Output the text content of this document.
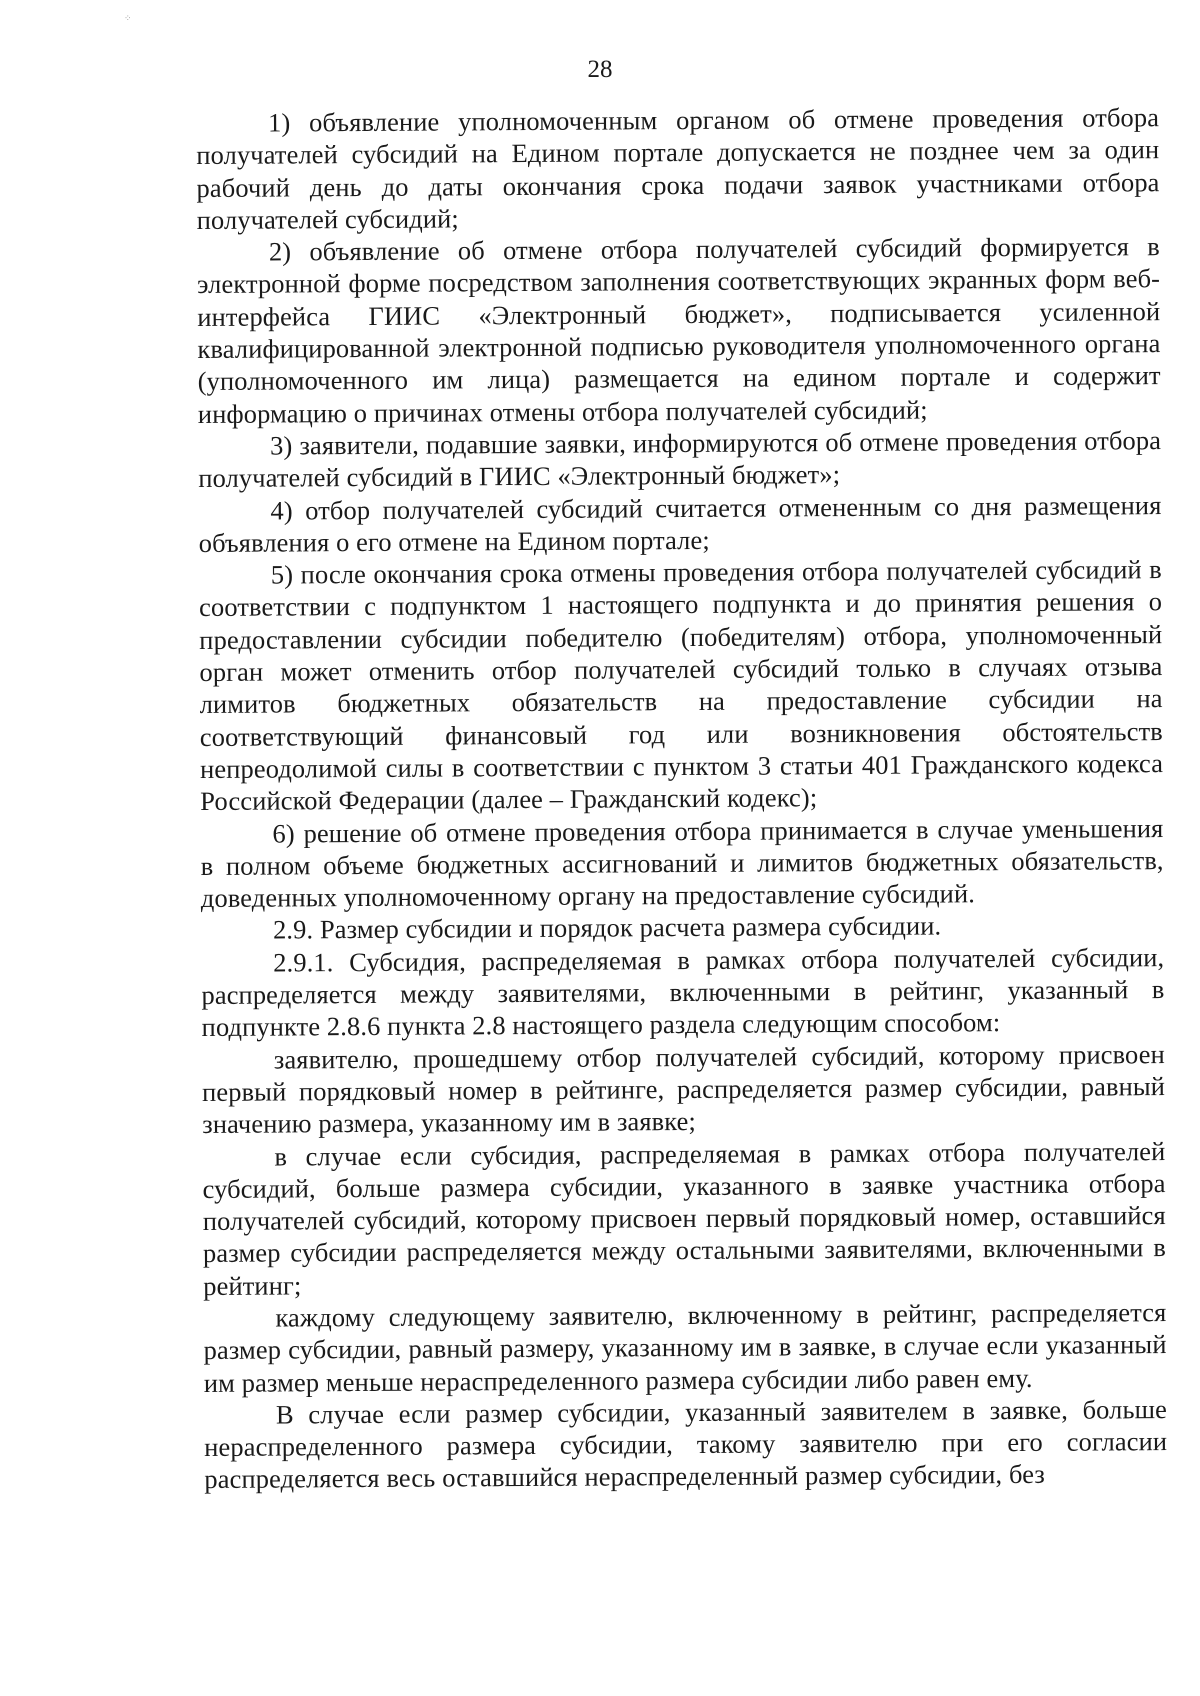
⁘
28

1) объявление уполномоченным органом об отмене проведения отбора получателей субсидий на Едином портале допускается не позднее чем за один рабочий день до даты окончания срока подачи заявок участниками отбора получателей субсидий;

2) объявление об отмене отбора получателей субсидий формируется в электронной форме посредством заполнения соответствующих экранных форм веб-интерфейса ГИИС «Электронный бюджет», подписывается усиленной квалифицированной электронной подписью руководителя уполномоченного органа (уполномоченного им лица) размещается на едином портале и содержит информацию о причинах отмены отбора получателей субсидий;

3) заявители, подавшие заявки, информируются об отмене проведения отбора получателей субсидий в ГИИС «Электронный бюджет»;

4) отбор получателей субсидий считается отмененным со дня размещения объявления о его отмене на Едином портале;

5) после окончания срока отмены проведения отбора получателей субсидий в соответствии с подпунктом 1 настоящего подпункта и до принятия решения о предоставлении субсидии победителю (победителям) отбора, уполномоченный орган может отменить отбор получателей субсидий только в случаях отзыва лимитов бюджетных обязательств на предоставление субсидии на соответствующий финансовый год или возникновения обстоятельств непреодолимой силы в соответствии с пунктом 3 статьи 401 Гражданского кодекса Российской Федерации (далее – Гражданский кодекс);

6) решение об отмене проведения отбора принимается в случае уменьшения в полном объеме бюджетных ассигнований и лимитов бюджетных обязательств, доведенных уполномоченному органу на предоставление субсидий.

2.9. Размер субсидии и порядок расчета размера субсидии.

2.9.1. Субсидия, распределяемая в рамках отбора получателей субсидии, распределяется между заявителями, включенными в рейтинг, указанный в подпункте 2.8.6 пункта 2.8 настоящего раздела следующим способом:

заявителю, прошедшему отбор получателей субсидий, которому присвоен первый порядковый номер в рейтинге, распределяется размер субсидии, равный значению размера, указанному им в заявке;

в случае если субсидия, распределяемая в рамках отбора получателей субсидий, больше размера субсидии, указанного в заявке участника отбора получателей субсидий, которому присвоен первый порядковый номер, оставшийся размер субсидии распределяется между остальными заявителями, включенными в рейтинг;

каждому следующему заявителю, включенному в рейтинг, распределяется размер субсидии, равный размеру, указанному им в заявке, в случае если указанный им размер меньше нераспределенного размера субсидии либо равен ему.

В случае если размер субсидии, указанный заявителем в заявке, больше нераспределенного размера субсидии, такому заявителю при его согласии распределяется весь оставшийся нераспределенный размер субсидии, без
